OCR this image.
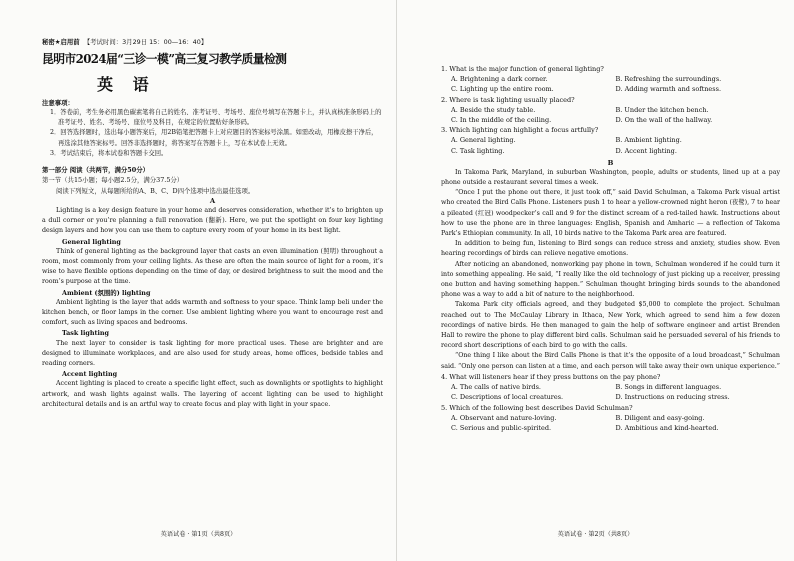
秘密★启用前 【考试时间：3月29日 15：00—16：40】

昆明市2024届“三诊一模”高三复习教学质量检测

英 语

注意事项：

1．答卷前，考生务必用黑色碳素笔将自己的姓名、准考证号、考场号、座位号填写在答题卡上，并认真核准条形码上的准考证号、姓名、考场号、座位号及科目，在规定的位置贴好条形码。

2．回答选择题时，选出每小题答案后，用2B铅笔把答题卡上对应题目的答案标号涂黑。如需改动，用橡皮擦干净后，再选涂其他答案标号。回答非选择题时，将答案写在答题卡上，写在本试卷上无效。

3．考试结束后，将本试卷和答题卡交回。

第一部分 阅读（共两节，满分50分）

第一节（共15小题；每小题2.5分，满分37.5分）

阅读下列短文，从每题所给的A、B、C、D四个选项中选出最佳选项。

A

Lighting is a key design feature in your home and deserves consideration, whether it’s to brighten up a dull corner or you’re planning a full renovation (翻新). Here, we put the spotlight on four key lighting design layers and how you can use them to capture every room of your home in its best light.

General lighting

Think of general lighting as the background layer that casts an even illumination (照明) throughout a room, most commonly from your ceiling lights. As these are often the main source of light for a room, it’s wise to have flexible options depending on the time of day, or desired brightness to suit the mood and the room’s purpose at the time.

Ambient (氛围的) lighting

Ambient lighting is the layer that adds warmth and softness to your space. Think lamp beli under the kitchen bench, or floor lamps in the corner. Use ambient lighting where you want to encourage rest and comfort, such as living spaces and bedrooms.

Task lighting

The next layer to consider is task lighting for more practical uses. These are brighter and are designed to illuminate workplaces, and are also used for study areas, home offices, bedside tables and reading corners.

Accent lighting

Accent lighting is placed to create a specific light effect, such as downlights or spotlights to highlight artwork, and wash lights against walls. The layering of accent lighting can be used to highlight architectural details and is an artful way to create focus and play with light in your space.

英语试卷 · 第1页（共8页）

1. What is the major function of general lighting?

A. Brightening a dark corner.	B. Refreshing the surroundings.
C. Lighting up the entire room.	D. Adding warmth and softness.

2. Where is task lighting usually placed?

A. Beside the study table.	B. Under the kitchen bench.
C. In the middle of the ceiling.	D. On the wall of the hallway.

3. Which lighting can highlight a focus artfully?

A. General lighting.	B. Ambient lighting.
C. Task lighting.	D. Accent lighting.

B

In Takoma Park, Maryland, in suburban Washington, people, adults or students, lined up at a pay phone outside a restaurant several times a week.

“Once I put the phone out there, it just took off,” said David Schulman, a Takoma Park visual artist who created the Bird Calls Phone. Listeners push 1 to hear a yellow-crowned night heron (夜鹭), 7 to hear a pileated (红冠) woodpecker’s call and 9 for the distinct scream of a red-tailed hawk. Instructions about how to use the phone are in three languages: English, Spanish and Amharic — a reflection of Takoma Park’s Ethiopian community. In all, 10 birds native to the Takoma Park area are featured.

In addition to being fun, listening to Bird songs can reduce stress and anxiety, studies show. Even hearing recordings of birds can relieve negative emotions.

After noticing an abandoned, nonworking pay phone in town, Schulman wondered if he could turn it into something appealing. He said, “I really like the old technology of just picking up a receiver, pressing one button and having something happen.” Schulman thought bringing birds sounds to the abandoned phone was a way to add a bit of nature to the neighborhood.

Takoma Park city officials agreed, and they budgeted $5,000 to complete the project. Schulman reached out to The McCaulay Library in Ithaca, New York, which agreed to send him a few dozen recordings of native birds. He then managed to gain the help of software engineer and artist Brenden Hall to rewire the phone to play different bird calls. Schulman said he persuaded several of his friends to record short descriptions of each bird to go with the calls.

“One thing I like about the Bird Calls Phone is that it’s the opposite of a loud broadcast,” Schulman said. “Only one person can listen at a time, and each person will take away their own unique experience.”

4. What will listeners hear if they press buttons on the pay phone?

A. The calls of native birds.	B. Songs in different languages.
C. Descriptions of local creatures.	D. Instructions on reducing stress.

5. Which of the following best describes David Schulman?

A. Observant and nature-loving.	B. Diligent and easy-going.
C. Serious and public-spirited.	D. Ambitious and kind-hearted.
英语试卷 · 第2页（共8页）
